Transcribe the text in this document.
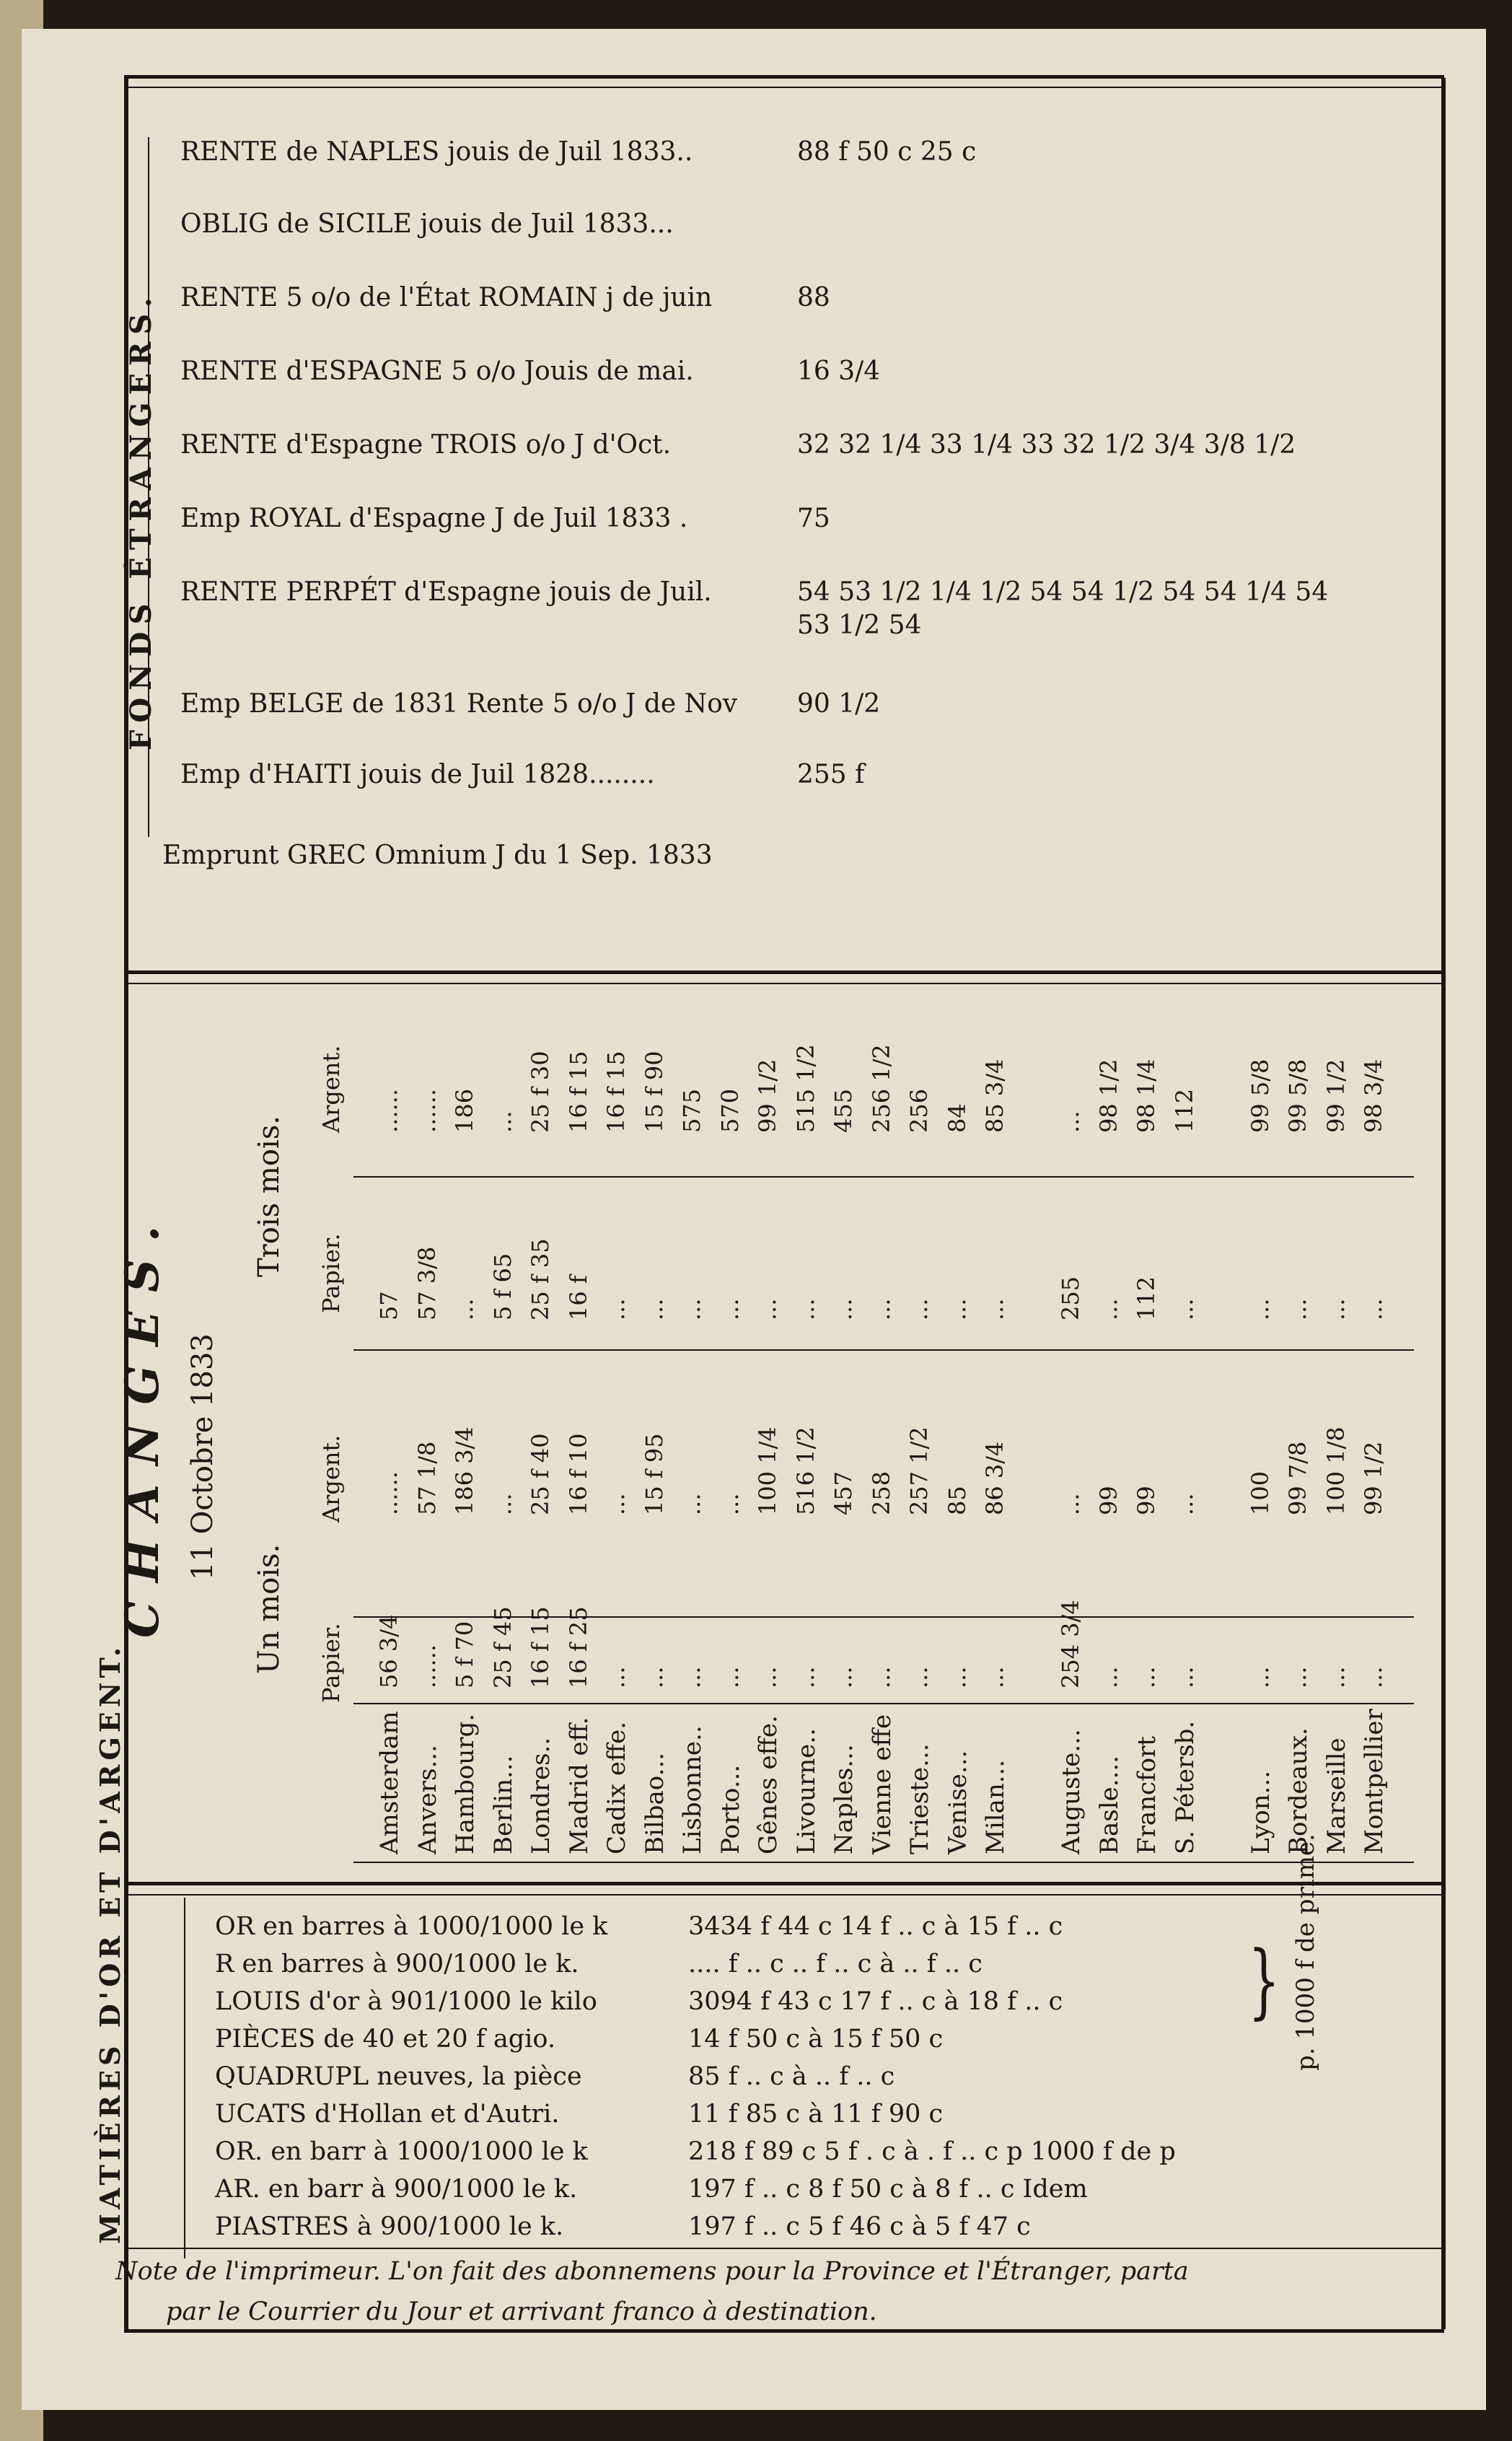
FONDS ÉTRANGERS.
RENTE de NAPLES jouis de Juil 1833..	88 f 50 c 25 c
OBLIG de SICILE jouis de Juil 1833...
RENTE 5 o/o de l'État ROMAIN j de juin	88
RENTE d'ESPAGNE 5 o/o Jouis de mai.	16 3/4
RENTE d'Espagne TROIS o/o J d'Oct.	32 32 1/4 33 1/4 33 32 1/2 3/4 3/8 1/2
Emp ROYAL d'Espagne J de Juil 1833 .	75
RENTE PERPÉT d'Espagne jouis de Juil.	54 53 1/2 1/4 1/2 54 54 1/2 54 54 1/4 54
53 1/2 54
Emp BELGE de 1831 Rente 5 o/o J de Nov 90 1/2
Emp d'HAITI jouis de Juil 1828........	255 f
Emprunt GREC Omnium J du 1 Sep. 1833
CHANGES. 11 Octobre 1833
Un mois.
Trois mois.
Papier.
Argent.
Papier.
Argent.
Amsterdam
56 3/4
......
57
......
Anvers...
......
57 1/8
57 3/8
......
Hambourg.
5 f 70
186 3/4
...
186
Berlin...
25 f 45
...
5 f 65
...
Londres..
16 f 15
25 f 40
25 f 35
25 f 30
Madrid eff.
16 f 25
16 f 10
16 f
16 f 15
Cadix effe.
...
...
...
16 f 15
Bilbao...
...
15 f 95
...
15 f 90
Lisbonne..
...
...
...
575
Porto...
...
...
...
570
Gênes effe.
...
100 1/4
...
99 1/2
Livourne..
...
516 1/2
...
515 1/2
Naples...
...
457
...
455
Vienne effe
...
258
...
256 1/2
Trieste...
...
257 1/2
...
256
Venise...
...
85
...
84
Milan...
...
86 3/4
...
85 3/4
Auguste...
254 3/4
...
255
...
Basle....
...
99
...
98 1/2
Francfort
...
99
112
98 1/4
S. Pétersb.
...
...
...
112
Lyon...
...
100
...
99 5/8
Bordeaux.
...
99 7/8
...
99 5/8
Marseille
...
100 1/8
...
99 1/2
Montpellier
...
99 1/2
...
98 3/4
MATIÈRES D'OR ET D'ARGENT.	OR en barres à 1000/1000 le k	3434 f 44 c 14 f .. c à 15 f .. c
R en barres à 900/1000 le k.	.... f .. c .. f .. c à .. f .. c
LOUIS d'or à 901/1000 le kilo	3094 f 43 c 17 f .. c à 18 f .. c
PIÈCES de 40 et 20 f agio.	14 f 50 c à 15 f 50 c
QUADRUPL neuves, la pièce	85 f .. c à .. f .. c
UCATS d'Hollan et d'Autri.	11 f 85 c à 11 f 90 c
OR. en barr à 1000/1000 le k	218 f 89 c 5 f . c à . f .. c p 1000 f de p
AR. en barr à 900/1000 le k.	197 f .. c 8 f 50 c à 8 f .. c Idem
PIASTRES à 900/1000 le k.	197 f .. c 5 f 46 c à 5 f 47 c
} p. 1000 f de prime.
Note de l'imprimeur. L'on fait des abonnemens pour la Province et l'Étranger, parta
par le Courrier du Jour et arrivant franco à destination.
